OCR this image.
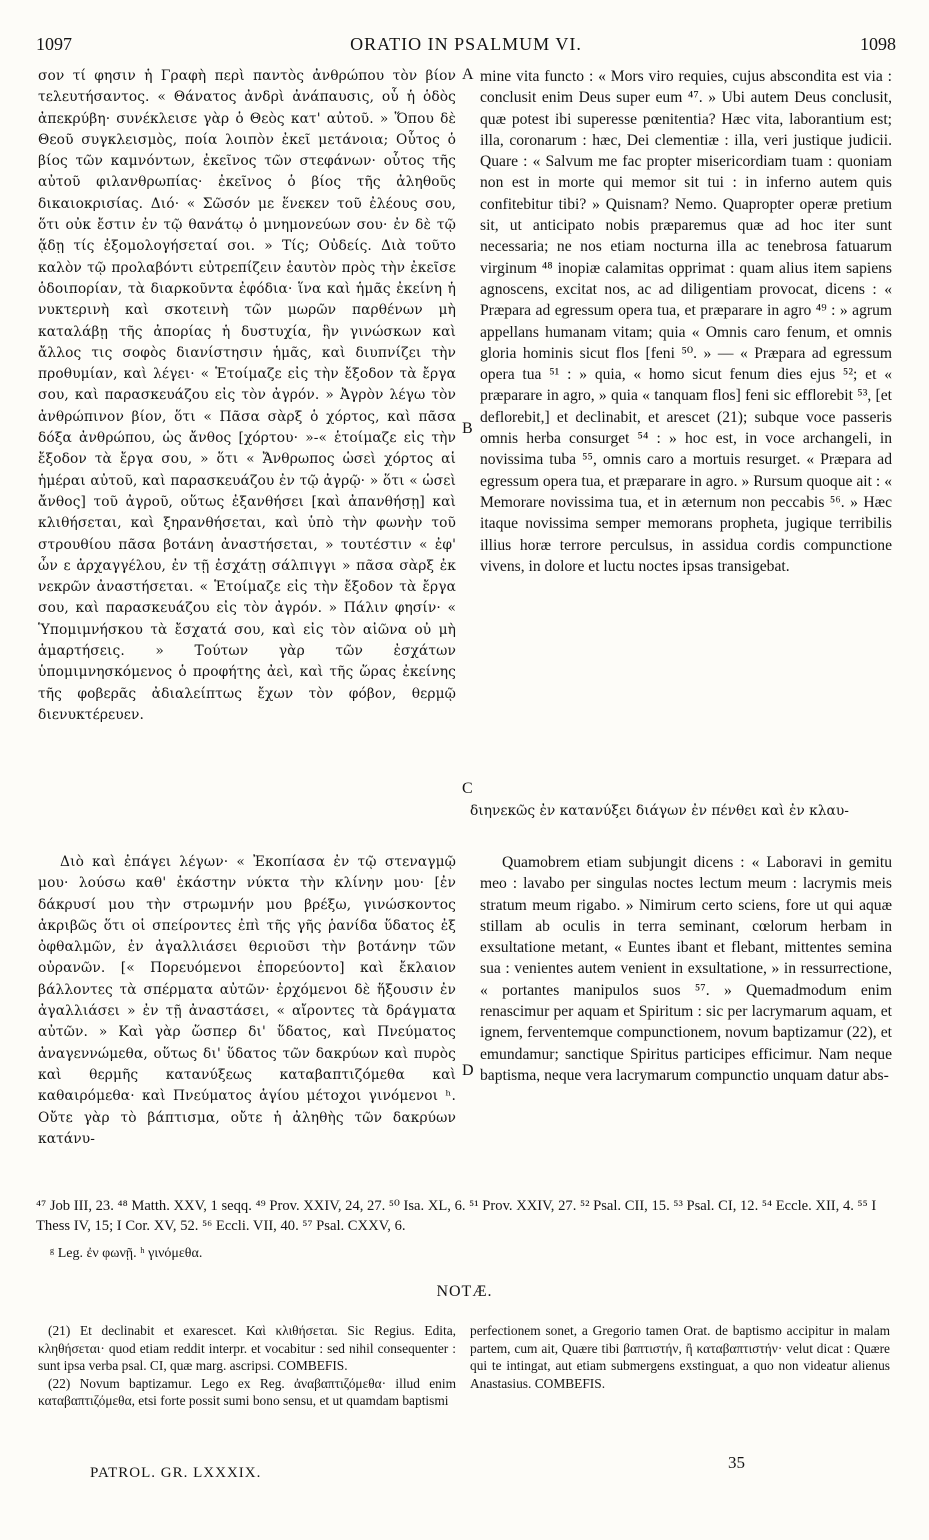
1097	ORATIO IN PSALMUM VI.	1098

σον τί φησιν ἡ Γραφὴ περὶ παντὸς ἀνθρώπου τὸν βίον τελευτήσαντος. « Θάνατος ἀνδρὶ ἀνάπαυσις, οὗ ἡ ὁδὸς ἀπεκρύβη· συνέκλεισε γὰρ ὁ Θεὸς κατ' αὐτοῦ. » Ὅπου δὲ Θεοῦ συγκλεισμὸς, ποία λοιπὸν ἐκεῖ μετάνοια; Οὗτος ὁ βίος τῶν καμνόντων, ἐκεῖνος τῶν στεφάνων· οὗτος τῆς αὐτοῦ φιλανθρωπίας· ἐκεῖνος ὁ βίος τῆς ἀληθοῦς δικαιοκρισίας. Διό· « Σῶσόν με ἕνεκεν τοῦ ἐλέους σου, ὅτι οὐκ ἔστιν ἐν τῷ θανάτῳ ὁ μνημονεύων σου· ἐν δὲ τῷ ᾅδῃ τίς ἐξομολογήσεταί σοι. » Τίς; Οὐδείς. Διὰ τοῦτο καλὸν τῷ προλαβόντι εὐτρεπίζειν ἑαυτὸν πρὸς τὴν ἐκεῖσε ὁδοιπορίαν, τὰ διαρκοῦντα ἐφόδια· ἵνα καὶ ἡμᾶς ἐκείνη ἡ νυκτερινὴ καὶ σκοτεινὴ τῶν μωρῶν παρθένων μὴ καταλάβῃ τῆς ἀπορίας ἡ δυστυχία, ἣν γινώσκων καὶ ἄλλος τις σοφὸς διανίστησιν ἡμᾶς, καὶ διυπνίζει τὴν προθυμίαν, καὶ λέγει· « Ἑτοίμαζε εἰς τὴν ἔξοδον τὰ ἔργα σου, καὶ παρασκευάζου εἰς τὸν ἀγρόν. » Ἀγρὸν λέγω τὸν ἀνθρώπινον βίον, ὅτι « Πᾶσα σὰρξ ὁ χόρτος, καὶ πᾶσα δόξα ἀνθρώπου, ὡς ἄνθος [χόρτου· »-« ἑτοίμαζε εἰς τὴν ἔξοδον τὰ ἔργα σου, » ὅτι « Ἄνθρωπος ὡσεὶ χόρτος αἱ ἡμέραι αὐτοῦ, καὶ παρασκευάζου ἐν τῷ ἀγρῷ· » ὅτι « ὡσεὶ ἄνθος] τοῦ ἀγροῦ, οὕτως ἐξανθήσει [καὶ ἀπανθήσῃ] καὶ κλιθήσεται, καὶ ξηρανθήσεται, καὶ ὑπὸ τὴν φωνὴν τοῦ στρουθίου πᾶσα βοτάνη ἀναστήσεται, » τουτέστιν « ἐφ' ὧν ε ἀρχαγγέλου, ἐν τῇ ἐσχάτῃ σάλπιγγι » πᾶσα σὰρξ ἐκ νεκρῶν ἀναστήσεται. « Ἑτοίμαζε εἰς τὴν ἔξοδον τὰ ἔργα σου, καὶ παρασκευάζου εἰς τὸν ἀγρόν. » Πάλιν φησίν· « Ὑπομιμνήσκου τὰ ἔσχατά σου, καὶ εἰς τὸν αἰῶνα οὐ μὴ ἁμαρτήσεις. » Τούτων γὰρ τῶν ἐσχάτων ὑπομιμνησκόμενος ὁ προφήτης ἀεὶ, καὶ τῆς ὥρας ἐκείνης τῆς φοβερᾶς ἀδιαλείπτως ἔχων τὸν φόβον, θερμῷ διενυκτέρευεν.

mine vita functo : « Mors viro requies, cujus abscondita est via : conclusit enim Deus super eum ⁴⁷. » Ubi autem Deus conclusit, quæ potest ibi superesse pœnitentia? Hæc vita, laborantium est; illa, coronarum : hæc, Dei clementiæ : illa, veri justique judicii. Quare : « Salvum me fac propter misericordiam tuam : quoniam non est in morte qui memor sit tui : in inferno autem quis confitebitur tibi? » Quisnam? Nemo. Quapropter operæ pretium sit, ut anticipato nobis præparemus quæ ad hoc iter sunt necessaria; ne nos etiam nocturna illa ac tenebrosa fatuarum virginum ⁴⁸ inopiæ calamitas opprimat : quam alius item sapiens agnoscens, excitat nos, ac ad diligentiam provocat, dicens : « Præpara ad egressum opera tua, et præparare in agro ⁴⁹ : » agrum appellans humanam vitam; quia « Omnis caro fenum, et omnis gloria hominis sicut flos [feni ⁵⁰. » — « Præpara ad egressum opera tua ⁵¹ : » quia, « homo sicut fenum dies ejus ⁵²; et « præparare in agro, » quia « tanquam flos] feni sic efflorebit ⁵³, [et deflorebit,] et declinabit, et arescet (21); subque voce passeris omnis herba consurget ⁵⁴ : » hoc est, in voce archangeli, in novissima tuba ⁵⁵, omnis caro a mortuis resurget. « Præpara ad egressum opera tua, et præparare in agro. » Rursum quoque ait : « Memorare novissima tua, et in æternum non peccabis ⁵⁶. » Hæc itaque novissima semper memorans propheta, jugique terribilis illius horæ terrore perculsus, in assidua cordis compunctione vivens, in dolore et luctu noctes ipsas transigebat.

διηνεκῶς ἐν κατανύξει διάγων ἐν πένθει καὶ ἐν κλαυ-

Διὸ καὶ ἐπάγει λέγων· « Ἐκοπίασα ἐν τῷ στεναγμῷ μου· λούσω καθ' ἑκάστην νύκτα τὴν κλίνην μου· [ἐν δάκρυσί μου τὴν στρωμνήν μου βρέξω, γινώσκοντος ἀκριβῶς ὅτι οἱ σπείροντες ἐπὶ τῆς γῆς ῥανίδα ὕδατος ἐξ ὀφθαλμῶν, ἐν ἀγαλλιάσει θεριοῦσι τὴν βοτάνην τῶν οὐρανῶν. [« Πορευόμενοι ἐπορεύοντο] καὶ ἔκλαιον βάλλοντες τὰ σπέρματα αὐτῶν· ἐρχόμενοι δὲ ἥξουσιν ἐν ἀγαλλιάσει » ἐν τῇ ἀναστάσει, « αἴροντες τὰ δράγματα αὐτῶν. » Καὶ γὰρ ὥσπερ δι' ὕδατος, καὶ Πνεύματος ἀναγεννώμεθα, οὕτως δι' ὕδατος τῶν δακρύων καὶ πυρὸς καὶ θερμῆς κατανύξεως καταβαπτιζόμεθα καὶ καθαιρόμεθα· καὶ Πνεύματος ἁγίου μέτοχοι γινόμενοι ʰ. Οὔτε γὰρ τὸ βάπτισμα, οὔτε ἡ ἀληθὴς τῶν δακρύων κατάνυ-

Quamobrem etiam subjungit dicens : « Laboravi in gemitu meo : lavabo per singulas noctes lectum meum : lacrymis meis stratum meum rigabo. » Nimirum certo sciens, fore ut qui aquæ stillam ab oculis in terra seminant, cœlorum herbam in exsultatione metant, « Euntes ibant et flebant, mittentes semina sua : venientes autem venient in exsultatione, » in ressurrectione, « portantes manipulos suos ⁵⁷. » Quemadmodum enim renascimur per aquam et Spiritum : sic per lacrymarum aquam, et ignem, ferventemque compunctionem, novum baptizamur (22), et emundamur; sanctique Spiritus participes efficimur. Nam neque baptisma, neque vera lacrymarum compunctio unquam datur abs-

A
B
C
D
⁴⁷ Job III, 23. ⁴⁸ Matth. XXV, 1 seqq. ⁴⁹ Prov. XXIV, 24, 27. ⁵⁰ Isa. XL, 6. ⁵¹ Prov. XXIV, 27. ⁵² Psal. CII, 15. ⁵³ Psal. CI, 12. ⁵⁴ Eccle. XII, 4. ⁵⁵ I Thess IV, 15; I Cor. XV, 52. ⁵⁶ Eccli. VII, 40. ⁵⁷ Psal. CXXV, 6.
ᵍ Leg. ἐν φωνῇ. ʰ γινόμεθα.
NOTÆ.

(21) Et declinabit et exarescet. Καὶ κλιθήσεται. Sic Regius. Edita, κληθήσεται· quod etiam reddit interpr. et vocabitur : sed nihil consequenter : sunt ipsa verba psal. CI, quæ marg. ascripsi. COMBEFIS.

(22) Novum baptizamur. Lego ex Reg. ἀναβαπτιζόμεθα· illud enim καταβαπτιζόμεθα, etsi forte possit sumi bono sensu, et ut quamdam baptismi

perfectionem sonet, a Gregorio tamen Orat. de baptismo accipitur in malam partem, cum ait, Quære tibi βαπτιστήν, ἢ καταβαπτιστήν· velut dicat : Quære qui te intingat, aut etiam submergens exstinguat, a quo non videatur alienus Anastasius. COMBEFIS.

PATROL. GR. LXXXIX.
35
